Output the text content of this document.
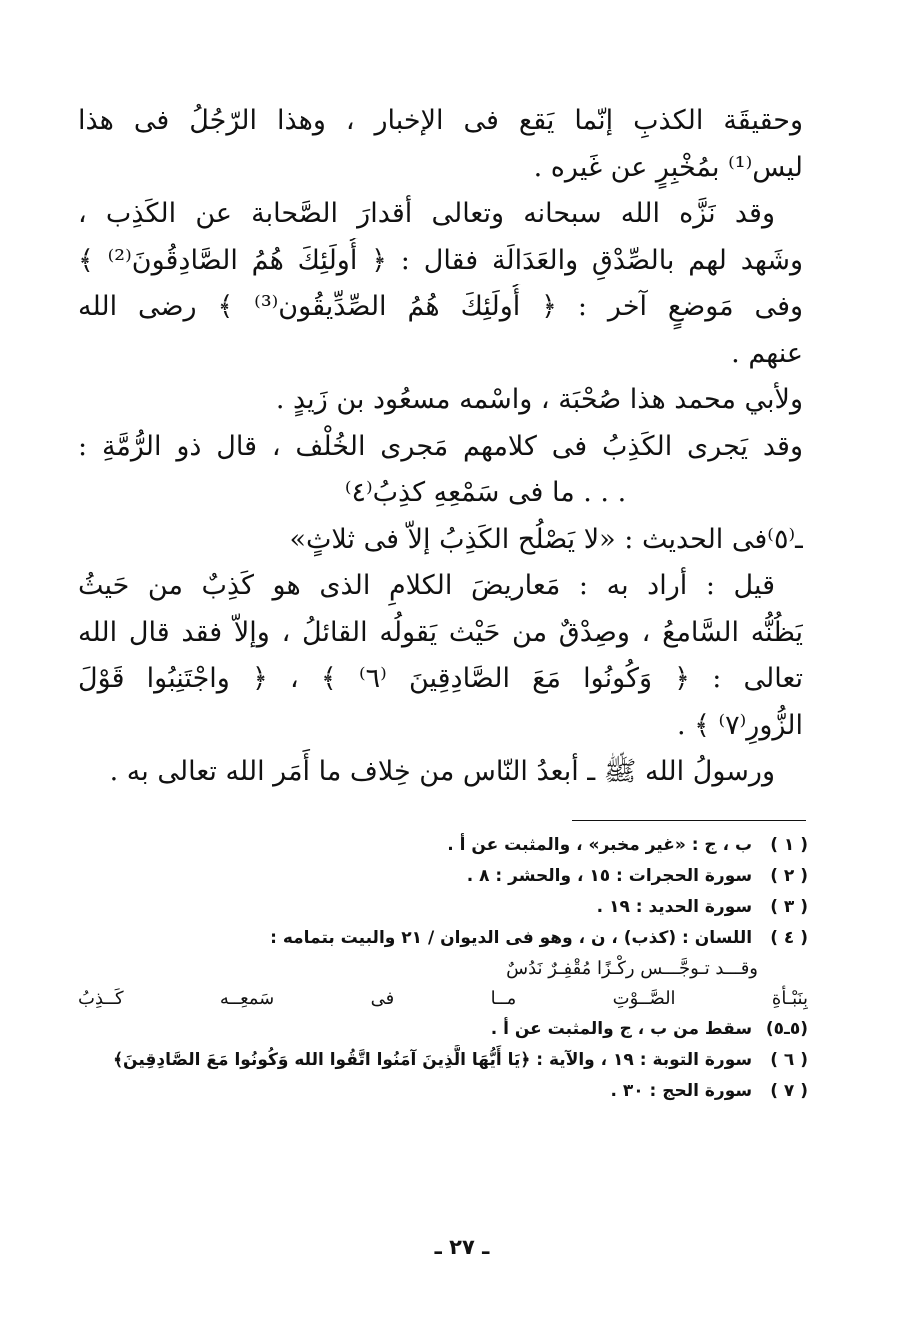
وحقيقَة الكذبِ إنّما يَقع فى الإخبار ، وهذا الرّجُلُ فى هذا
ليس⁽¹⁾ بمُخْبِرٍ عن غَيره .
وقد نَزَّه الله سبحانه وتعالى أقدارَ الصَّحابة عن الكَذِب ،
وشَهد لهم بالصِّدْقِ والعَدَالَة فقال : ﴿ أُولَئِكَ هُمُ الصَّادِقُونَ⁽²⁾ ﴾
وفى مَوضعٍ آخر : ﴿ أُولَئِكَ هُمُ الصِّدِّيقُون⁽³⁾ ﴾ رضى الله
عنهم .
ولأبي محمد هذا صُحْبَة ، واسْمه مسعُود بن زَيدٍ .
وقد يَجرى الكَذِبُ فى كلامهم مَجرى الخُلْف ، قال ذو الرُّمَّةِ :
. . . ما فى سَمْعِهِ كذِبُ⁽٤⁾
ـ⁽٥⁾فى الحديث : «لا يَصْلُح الكَذِبُ إلاّ فى ثلاثٍ»
قيل : أراد به : مَعاريضَ الكلامِ الذى هو كَذِبٌ من حَيثُ
يَظُنُّه السَّامعُ ، وصِدْقٌ من حَيْث يَقولُه القائلُ ، وإلاّ فقد قال الله
تعالى : ﴿ وَكُونُوا مَعَ الصَّادِقِينَ ⁽٦⁾ ﴾ ، ﴿ واجْتَنِبُوا قَوْلَ
الزُّورِ⁽٧⁾ ﴾ .
ورسولُ الله ﷺ ـ أبعدُ النّاس من خِلاف ما أَمَر الله تعالى به .
( ١ ) ب ، ج : «غير مخبر» ، والمثبت عن أ .
( ٢ ) سورة الحجرات : ١٥ ، والحشر : ٨ .
( ٣ ) سورة الحديد : ١٩ .
( ٤ ) اللسان : (كذب) ، ن ، وهو فى الديوان / ٢١ والبيت بتمامه :
وقـــد تـوجَّـــس ركْـزًا مُقْفِـرٌ نَدُسٌ
بِنَبْـأةِ الصَّــوْتِ مــا فى سَمعِــه كَــذِبُ
(٥ـ٥) سقط من ب ، ج والمثبت عن أ .
( ٦ ) سورة التوبة : ١٩ ، والآية : ﴿يَا أَيُّهَا الَّذِينَ آمَنُوا اتَّقُوا الله وَكُونُوا مَعَ الصَّادِقِينَ﴾
( ٧ ) سورة الحج : ٣٠ .
ـ ٢٧ ـ
